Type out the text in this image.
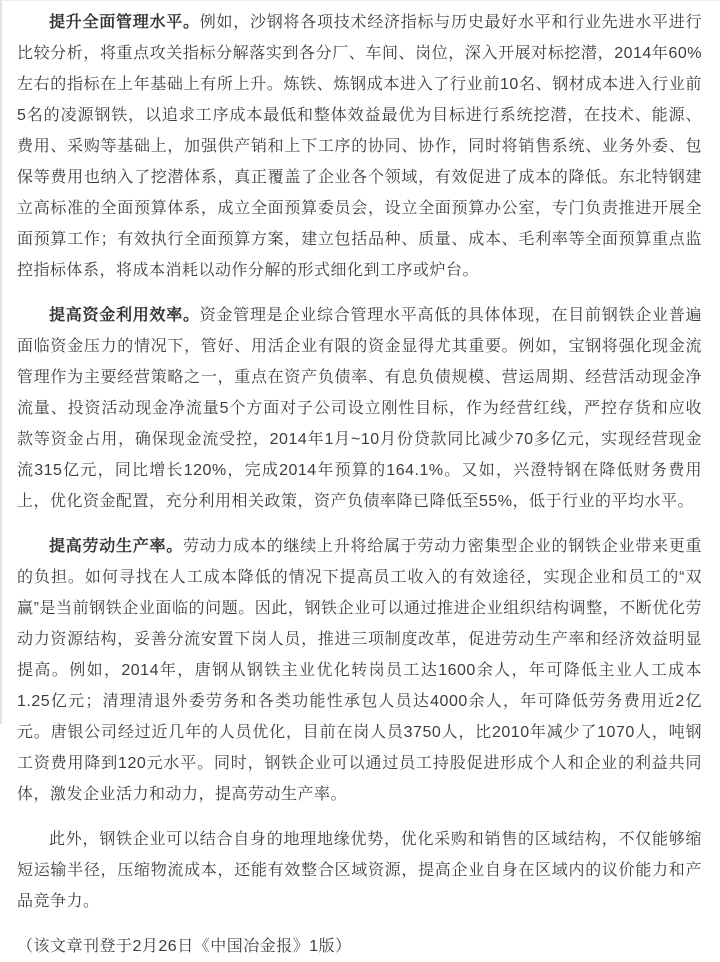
提升全面管理水平。例如，沙钢将各项技术经济指标与历史最好水平和行业先进水平进行比较分析，将重点攻关指标分解落实到各分厂、车间、岗位，深入开展对标挖潜，2014年60%左右的指标在上年基础上有所上升。炼铁、炼钢成本进入了行业前10名、钢材成本进入行业前5名的凌源钢铁，以追求工序成本最低和整体效益最优为目标进行系统挖潜，在技术、能源、费用、采购等基础上，加强供产销和上下工序的协同、协作，同时将销售系统、业务外委、包保等费用也纳入了挖潜体系，真正覆盖了企业各个领域，有效促进了成本的降低。东北特钢建立高标准的全面预算体系，成立全面预算委员会，设立全面预算办公室，专门负责推进开展全面预算工作；有效执行全面预算方案，建立包括品种、质量、成本、毛利率等全面预算重点监控指标体系，将成本消耗以动作分解的形式细化到工序或炉台。

提高资金利用效率。资金管理是企业综合管理水平高低的具体体现，在目前钢铁企业普遍面临资金压力的情况下，管好、用活企业有限的资金显得尤其重要。例如，宝钢将强化现金流管理作为主要经营策略之一，重点在资产负债率、有息负债规模、营运周期、经营活动现金净流量、投资活动现金净流量5个方面对子公司设立刚性目标，作为经营红线，严控存货和应收款等资金占用，确保现金流受控，2014年1月~10月份贷款同比减少70多亿元，实现经营现金流315亿元，同比增长120%，完成2014年预算的164.1%。又如，兴澄特钢在降低财务费用上，优化资金配置，充分利用相关政策，资产负债率降已降低至55%，低于行业的平均水平。

提高劳动生产率。劳动力成本的继续上升将给属于劳动力密集型企业的钢铁企业带来更重的负担。如何寻找在人工成本降低的情况下提高员工收入的有效途径，实现企业和员工的“双赢”是当前钢铁企业面临的问题。因此，钢铁企业可以通过推进企业组织结构调整，不断优化劳动力资源结构，妥善分流安置下岗人员，推进三项制度改革，促进劳动生产率和经济效益明显提高。例如，2014年，唐钢从钢铁主业优化转岗员工达1600余人，年可降低主业人工成本1.25亿元；清理清退外委劳务和各类功能性承包人员达4000余人，年可降低劳务费用近2亿元。唐银公司经过近几年的人员优化，目前在岗人员3750人，比2010年减少了1070人，吨钢工资费用降到120元水平。同时，钢铁企业可以通过员工持股促进形成个人和企业的利益共同体，激发企业活力和动力，提高劳动生产率。

此外，钢铁企业可以结合自身的地理地缘优势，优化采购和销售的区域结构，不仅能够缩短运输半径，压缩物流成本，还能有效整合区域资源，提高企业自身在区域内的议价能力和产品竞争力。

（该文章刊登于2月26日《中国冶金报》1版）
